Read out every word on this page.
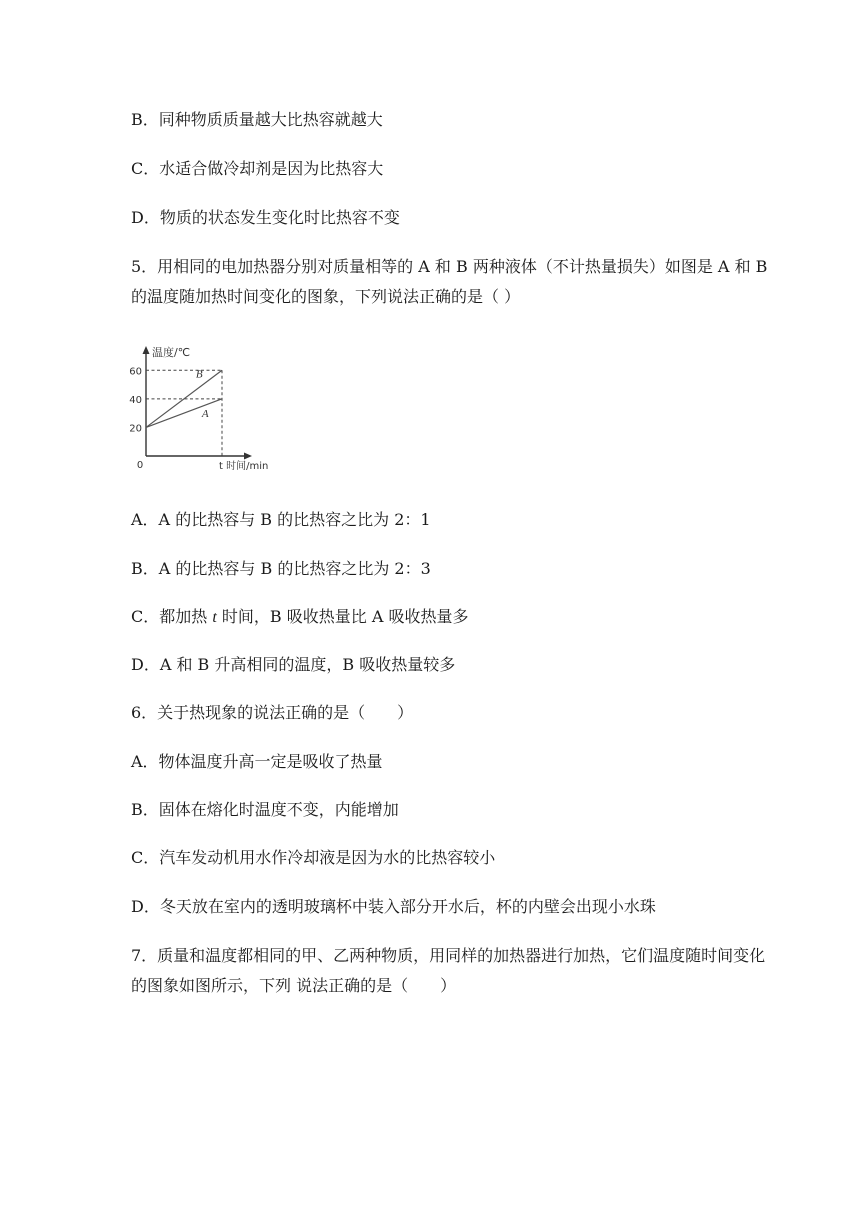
B．同种物质质量越大比热容就越大

C．水适合做冷却剂是因为比热容大

D．物质的状态发生变化时比热容不变

5．用相同的电加热器分别对质量相等的 A 和 B 两种液体（不计热量损失）如图是 A 和 B

的温度随加热时间变化的图象，下列说法正确的是（ ）

A
B
20
40
60
0
温度/℃
t 时间/min

A．A 的比热容与 B 的比热容之比为 2：1

B．A 的比热容与 B 的比热容之比为 2：3

C．都加热 t 时间，B 吸收热量比 A 吸收热量多

D．A 和 B 升高相同的温度，B 吸收热量较多

6．关于热现象的说法正确的是（　　）

A．物体温度升高一定是吸收了热量

B．固体在熔化时温度不变，内能增加

C．汽车发动机用水作冷却液是因为水的比热容较小

D．冬天放在室内的透明玻璃杯中装入部分开水后，杯的内壁会出现小水珠

7．质量和温度都相同的甲、乙两种物质，用同样的加热器进行加热，它们温度随时间变化

的图象如图所示，下列 说法正确的是（　　）
